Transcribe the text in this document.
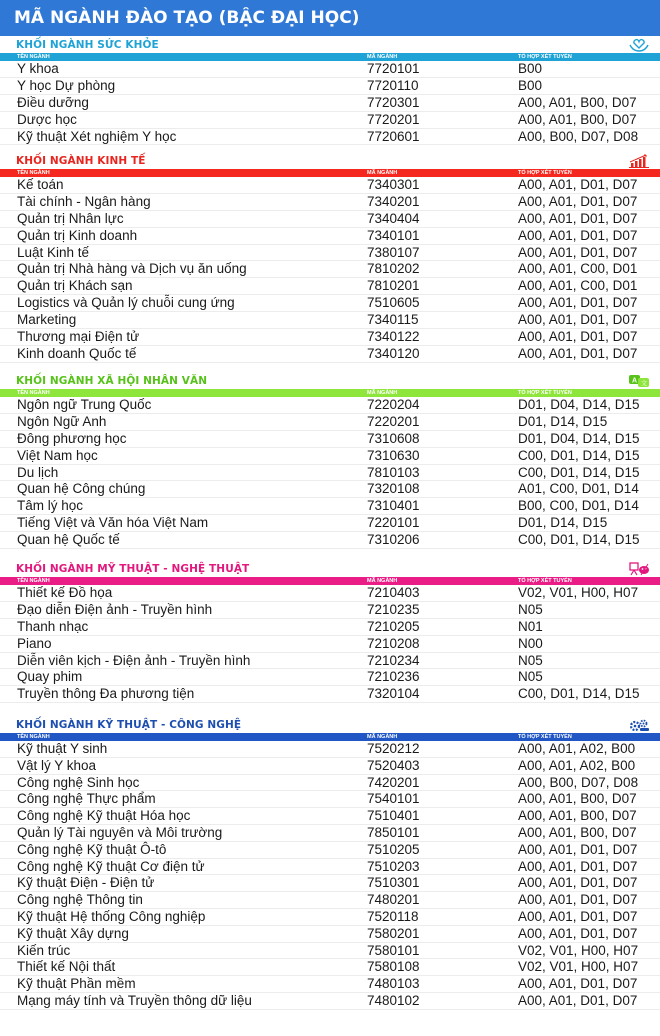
MÃ NGÀNH ĐÀO TẠO (BẬC ĐẠI HỌC)
KHỐI NGÀNH SỨC KHỎE
TÊN NGÀNH	MÃ NGÀNH	TỔ HỢP XÉT TUYỂN
Y khoa	7720101	B00
Y học Dự phòng	7720110	B00
Điều dưỡng	7720301	A00, A01, B00, D07
Dược học	7720201	A00, A01, B00, D07
Kỹ thuật Xét nghiệm Y học	7720601	A00, B00, D07, D08
KHỐI NGÀNH KINH TẾ
TÊN NGÀNH	MÃ NGÀNH	TỔ HỢP XÉT TUYỂN
Kế toán	7340301	A00, A01, D01, D07
Tài chính - Ngân hàng	7340201	A00, A01, D01, D07
Quản trị Nhân lực	7340404	A00, A01, D01, D07
Quản trị Kinh doanh	7340101	A00, A01, D01, D07
Luật Kinh tế	7380107	A00, A01, D01, D07
Quản trị Nhà hàng và Dịch vụ ăn uống	7810202	A00, A01, C00, D01
Quản trị Khách sạn	7810201	A00, A01, C00, D01
Logistics và Quản lý chuỗi cung ứng	7510605	A00, A01, D01, D07
Marketing	7340115	A00, A01, D01, D07
Thương mại Điện tử	7340122	A00, A01, D01, D07
Kinh doanh Quốc tế	7340120	A00, A01, D01, D07
KHỐI NGÀNH XÃ HỘI NHÂN VĂN	A 文
TÊN NGÀNH	MÃ NGÀNH	TỔ HỢP XÉT TUYỂN
Ngôn ngữ Trung Quốc	7220204	D01, D04, D14, D15
Ngôn Ngữ Anh	7220201	D01, D14, D15
Đông phương học	7310608	D01, D04, D14, D15
Việt Nam học	7310630	C00, D01, D14, D15
Du lịch	7810103	C00, D01, D14, D15
Quan hệ Công chúng	7320108	A01, C00, D01, D14
Tâm lý học	7310401	B00, C00, D01, D14
Tiếng Việt và Văn hóa Việt Nam	7220101	D01, D14, D15
Quan hệ Quốc tế	7310206	C00, D01, D14, D15
KHỐI NGÀNH MỸ THUẬT - NGHỆ THUẬT
TÊN NGÀNH	MÃ NGÀNH	TỔ HỢP XÉT TUYỂN
Thiết kế Đồ họa	7210403	V02, V01, H00, H07
Đạo diễn Điện ảnh - Truyền hình	7210235	N05
Thanh nhạc	7210205	N01
Piano	7210208	N00
Diễn viên kịch - Điện ảnh - Truyền hình	7210234	N05
Quay phim	7210236	N05
Truyền thông Đa phương tiện	7320104	C00, D01, D14, D15
KHỐI NGÀNH KỸ THUẬT - CÔNG NGHỆ
TÊN NGÀNH	MÃ NGÀNH	TỔ HỢP XÉT TUYỂN
Kỹ thuật Y sinh	7520212	A00, A01, A02, B00
Vật lý Y khoa	7520403	A00, A01, A02, B00
Công nghệ Sinh học	7420201	A00, B00, D07, D08
Công nghệ Thực phẩm	7540101	A00, A01, B00, D07
Công nghệ Kỹ thuật Hóa học	7510401	A00, A01, B00, D07
Quản lý Tài nguyên và Môi trường	7850101	A00, A01, B00, D07
Công nghệ Kỹ thuật Ô-tô	7510205	A00, A01, D01, D07
Công nghệ Kỹ thuật Cơ điện tử	7510203	A00, A01, D01, D07
Kỹ thuật Điện - Điện tử	7510301	A00, A01, D01, D07
Công nghệ Thông tin	7480201	A00, A01, D01, D07
Kỹ thuật Hệ thống Công nghiệp	7520118	A00, A01, D01, D07
Kỹ thuật Xây dựng	7580201	A00, A01, D01, D07
Kiến trúc	7580101	V02, V01, H00, H07
Thiết kế Nội thất	7580108	V02, V01, H00, H07
Kỹ thuật Phần mềm	7480103	A00, A01, D01, D07
Mạng máy tính và Truyền thông dữ liệu	7480102	A00, A01, D01, D07
